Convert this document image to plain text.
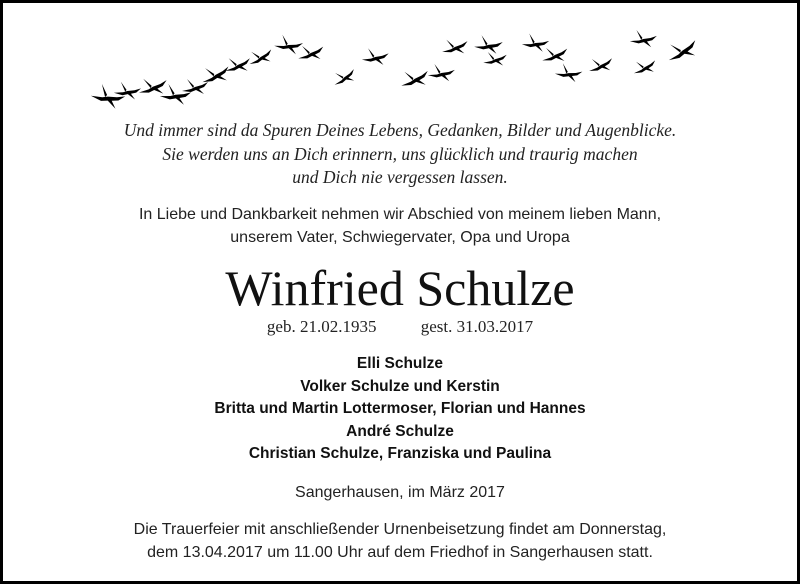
Und immer sind da Spuren Deines Lebens, Gedanken, Bilder und Augenblicke.
Sie werden uns an Dich erinnern, uns glücklich und traurig machen
und Dich nie vergessen lassen.
In Liebe und Dankbarkeit nehmen wir Abschied von meinem lieben Mann,
unserem Vater, Schwiegervater, Opa und Uropa
Winfried Schulze
geb. 21.02.1935	gest. 31.03.2017
Elli Schulze
Volker Schulze und Kerstin
Britta und Martin Lottermoser, Florian und Hannes
André Schulze
Christian Schulze, Franziska und Paulina
Sangerhausen, im März 2017
Die Trauerfeier mit anschließender Urnenbeisetzung findet am Donnerstag,
dem 13.04.2017 um 11.00 Uhr auf dem Friedhof in Sangerhausen statt.
